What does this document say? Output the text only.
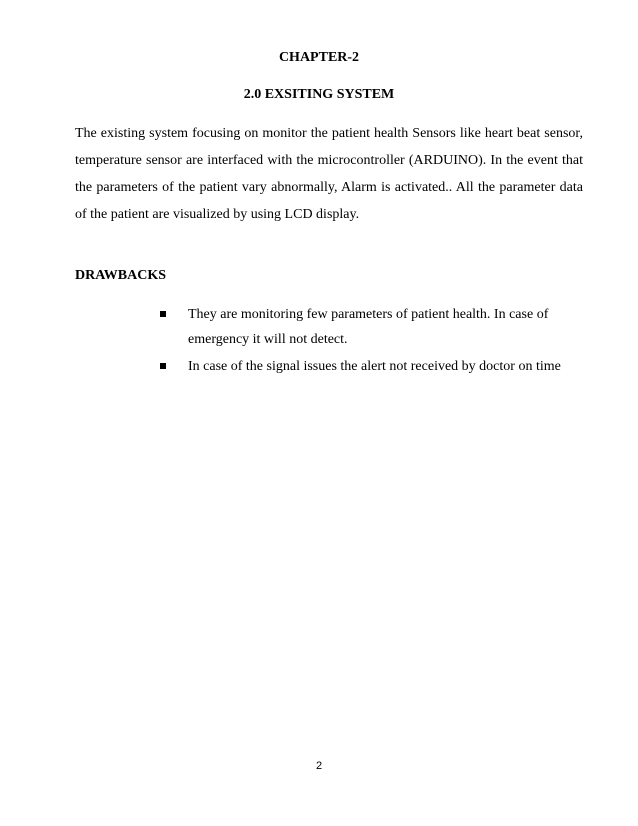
CHAPTER-2
2.0 EXSITING SYSTEM
The existing system focusing on monitor the patient health Sensors like heart beat sensor, temperature sensor are interfaced with the microcontroller (ARDUINO). In the event that the parameters of the patient vary abnormally, Alarm is activated.. All the parameter data of the patient are visualized by using LCD display.
DRAWBACKS
They are monitoring few parameters of patient health. In case of emergency it will not detect.
In case of the signal issues the alert not received by doctor on time
2
